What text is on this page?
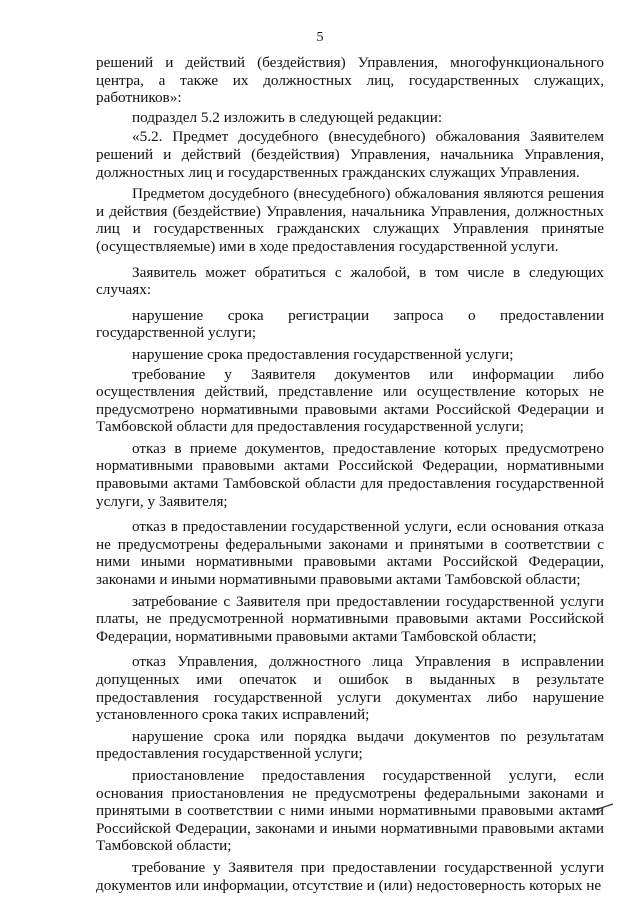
5

решений и действий (бездействия) Управления, многофункционального центра, а также их должностных лиц, государственных служащих, работников»:

подраздел 5.2 изложить в следующей редакции:

«5.2. Предмет досудебного (внесудебного) обжалования Заявителем решений и действий (бездействия) Управления, начальника Управления, должностных лиц и государственных гражданских служащих Управления.

Предметом досудебного (внесудебного) обжалования являются решения и действия (бездействие) Управления, начальника Управления, должностных лиц и государственных гражданских служащих Управления принятые (осуществляемые) ими в ходе предоставления государственной услуги.

Заявитель может обратиться с жалобой, в том числе в следующих случаях:

нарушение срока регистрации запроса о предоставлении государственной услуги;

нарушение срока предоставления государственной услуги;

требование у Заявителя документов или информации либо осуществления действий, представление или осуществление которых не предусмотрено нормативными правовыми актами Российской Федерации и Тамбовской области для предоставления государственной услуги;

отказ в приеме документов, предоставление которых предусмотрено нормативными правовыми актами Российской Федерации, нормативными правовыми актами Тамбовской области для предоставления государственной услуги, у Заявителя;

отказ в предоставлении государственной услуги, если основания отказа не предусмотрены федеральными законами и принятыми в соответствии с ними иными нормативными правовыми актами Российской Федерации, законами и иными нормативными правовыми актами Тамбовской области;

затребование с Заявителя при предоставлении государственной услуги платы, не предусмотренной нормативными правовыми актами Российской Федерации, нормативными правовыми актами Тамбовской области;

отказ Управления, должностного лица Управления в исправлении допущенных ими опечаток и ошибок в выданных в результате предоставления государственной услуги документах либо нарушение установленного срока таких исправлений;

нарушение срока или порядка выдачи документов по результатам предоставления государственной услуги;

приостановление предоставления государственной услуги, если основания приостановления не предусмотрены федеральными законами и принятыми в соответствии с ними иными нормативными правовыми актами Российской Федерации, законами и иными нормативными правовыми актами Тамбовской области;

требование у Заявителя при предоставлении государственной услуги документов или информации, отсутствие и (или) недостоверность которых не
